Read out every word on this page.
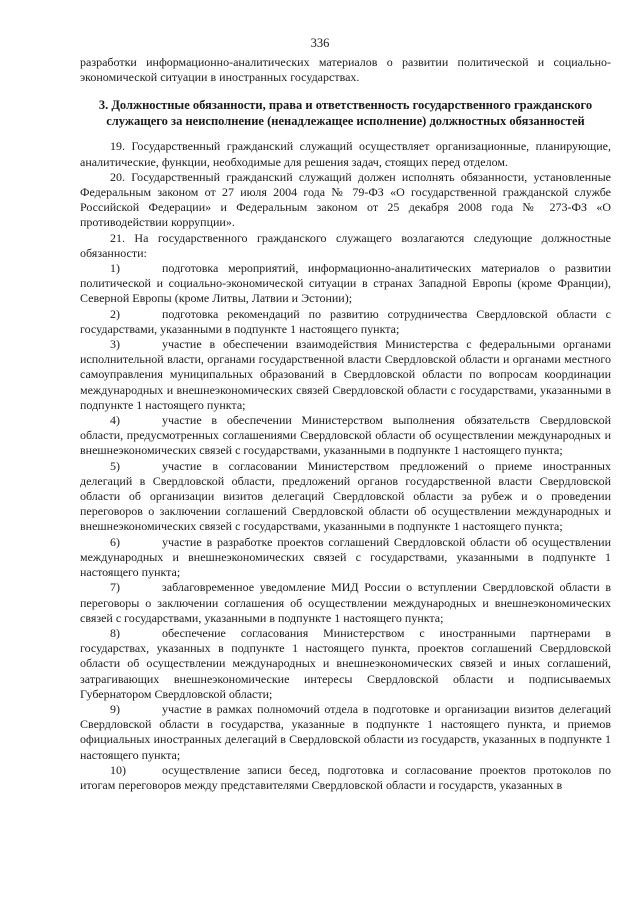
336

разработки информационно-аналитических материалов о развитии политической и социально-экономической ситуации в иностранных государствах.

3. Должностные обязанности, права и ответственность государственного гражданского служащего за неисполнение (ненадлежащее исполнение) должностных обязанностей

19. Государственный гражданский служащий осуществляет организационные, планирующие, аналитические, функции, необходимые для решения задач, стоящих перед отделом.

20. Государственный гражданский служащий должен исполнять обязанности, установленные Федеральным законом от 27 июля 2004 года № 79-ФЗ «О государственной гражданской службе Российской Федерации» и Федеральным законом от 25 декабря 2008 года № 273-ФЗ «О противодействии коррупции».

21. На государственного гражданского служащего возлагаются следующие должностные обязанности:

1)	подготовка мероприятий, информационно-аналитических материалов о развитии политической и социально-экономической ситуации в странах Западной Европы (кроме Франции), Северной Европы (кроме Литвы, Латвии и Эстонии);
2)	подготовка рекомендаций по развитию сотрудничества Свердловской области с государствами, указанными в подпункте 1 настоящего пункта;
3)	участие в обеспечении взаимодействия Министерства с федеральными органами исполнительной власти, органами государственной власти Свердловской области и органами местного самоуправления муниципальных образований в Свердловской области по вопросам координации международных и внешнеэкономических связей Свердловской области с государствами, указанными в подпункте 1 настоящего пункта;
4)	участие в обеспечении Министерством выполнения обязательств Свердловской области, предусмотренных соглашениями Свердловской области об осуществлении международных и внешнеэкономических связей с государствами, указанными в подпункте 1 настоящего пункта;
5)	участие в согласовании Министерством предложений о приеме иностранных делегаций в Свердловской области, предложений органов государственной власти Свердловской области об организации визитов делегаций Свердловской области за рубеж и о проведении переговоров о заключении соглашений Свердловской области об осуществлении международных и внешнеэкономических связей с государствами, указанными в подпункте 1 настоящего пункта;
6)	участие в разработке проектов соглашений Свердловской области об осуществлении международных и внешнеэкономических связей с государствами, указанными в подпункте 1 настоящего пункта;
7)	заблаговременное уведомление МИД России о вступлении Свердловской области в переговоры о заключении соглашения об осуществлении международных и внешнеэкономических связей с государствами, указанными в подпункте 1 настоящего пункта;
8)	обеспечение согласования Министерством с иностранными партнерами в государствах, указанных в подпункте 1 настоящего пункта, проектов соглашений Свердловской области об осуществлении международных и внешнеэкономических связей и иных соглашений, затрагивающих внешнеэкономические интересы Свердловской области и подписываемых Губернатором Свердловской области;
9)	участие в рамках полномочий отдела в подготовке и организации визитов делегаций Свердловской области в государства, указанные в подпункте 1 настоящего пункта, и приемов официальных иностранных делегаций в Свердловской области из государств, указанных в подпункте 1 настоящего пункта;
10)	осуществление записи бесед, подготовка и согласование проектов протоколов по итогам переговоров между представителями Свердловской области и государств, указанных в
